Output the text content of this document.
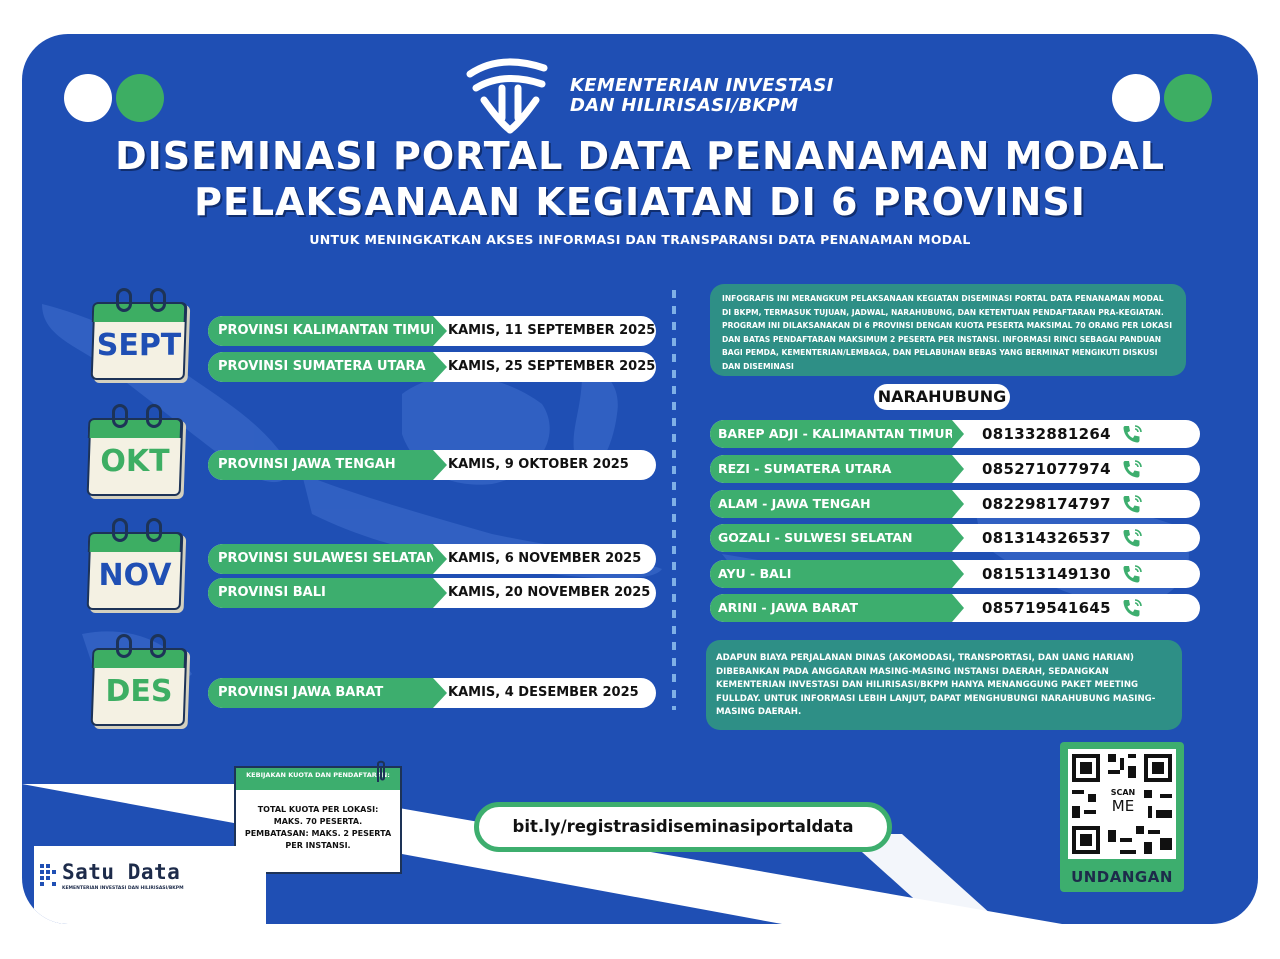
KEMENTERIAN INVESTASI
DAN HILIRISASI/BKPM
DISEMINASI PORTAL DATA PENANAMAN MODAL
PELAKSANAAN KEGIATAN DI 6 PROVINSI
UNTUK MENINGKATKAN AKSES INFORMASI DAN TRANSPARANSI DATA PENANAMAN MODAL
SEPT
OKT
NOV
DES
PROVINSI KALIMANTAN TIMUR KAMIS, 11 SEPTEMBER 2025
PROVINSI SUMATERA UTARA	KAMIS, 25 SEPTEMBER 2025
PROVINSI JAWA TENGAH	KAMIS, 9 OKTOBER 2025
PROVINSI SULAWESI SELATAN KAMIS, 6 NOVEMBER 2025
PROVINSI BALI	KAMIS, 20 NOVEMBER 2025
PROVINSI JAWA BARAT	KAMIS, 4 DESEMBER 2025
INFOGRAFIS INI MERANGKUM PELAKSANAAN KEGIATAN DISEMINASI PORTAL DATA PENANAMAN MODAL DI BKPM, TERMASUK TUJUAN, JADWAL, NARAHUBUNG, DAN KETENTUAN PENDAFTARAN PRA-KEGIATAN. PROGRAM INI DILAKSANAKAN DI 6 PROVINSI DENGAN KUOTA PESERTA MAKSIMAL 70 ORANG PER LOKASI DAN BATAS PENDAFTARAN MAKSIMUM 2 PESERTA PER INSTANSI. INFORMASI RINCI SEBAGAI PANDUAN BAGI PEMDA, KEMENTERIAN/LEMBAGA, DAN PELABUHAN BEBAS YANG BERMINAT MENGIKUTI DISKUSI DAN DISEMINASI
NARAHUBUNG
BAREP ADJI - KALIMANTAN TIMUR 081332881264
REZI - SUMATERA UTARA	085271077974
ALAM - JAWA TENGAH	082298174797
GOZALI - SULWESI SELATAN	081314326537
AYU - BALI	081513149130
ARINI - JAWA BARAT	085719541645
ADAPUN BIAYA PERJALANAN DINAS (AKOMODASI, TRANSPORTASI, DAN UANG HARIAN) DIBEBANKAN PADA ANGGARAN MASING-MASING INSTANSI DAERAH, SEDANGKAN KEMENTERIAN INVESTASI DAN HILIRISASI/BKPM HANYA MENANGGUNG PAKET MEETING FULLDAY. UNTUK INFORMASI LEBIH LANJUT, DAPAT MENGHUBUNGI NARAHUBUNG MASING-MASING DAERAH.
KEBIJAKAN KUOTA DAN PENDAFTARAN:
TOTAL KUOTA PER LOKASI:
MAKS. 70 PESERTA.
PEMBATASAN: MAKS. 2 PESERTA
PER INSTANSI.
bit.ly/registrasidiseminasiportaldata
SCAN
ME
UNDANGAN
Satu Data
KEMENTERIAN INVESTASI DAN HILIRISASI/BKPM
